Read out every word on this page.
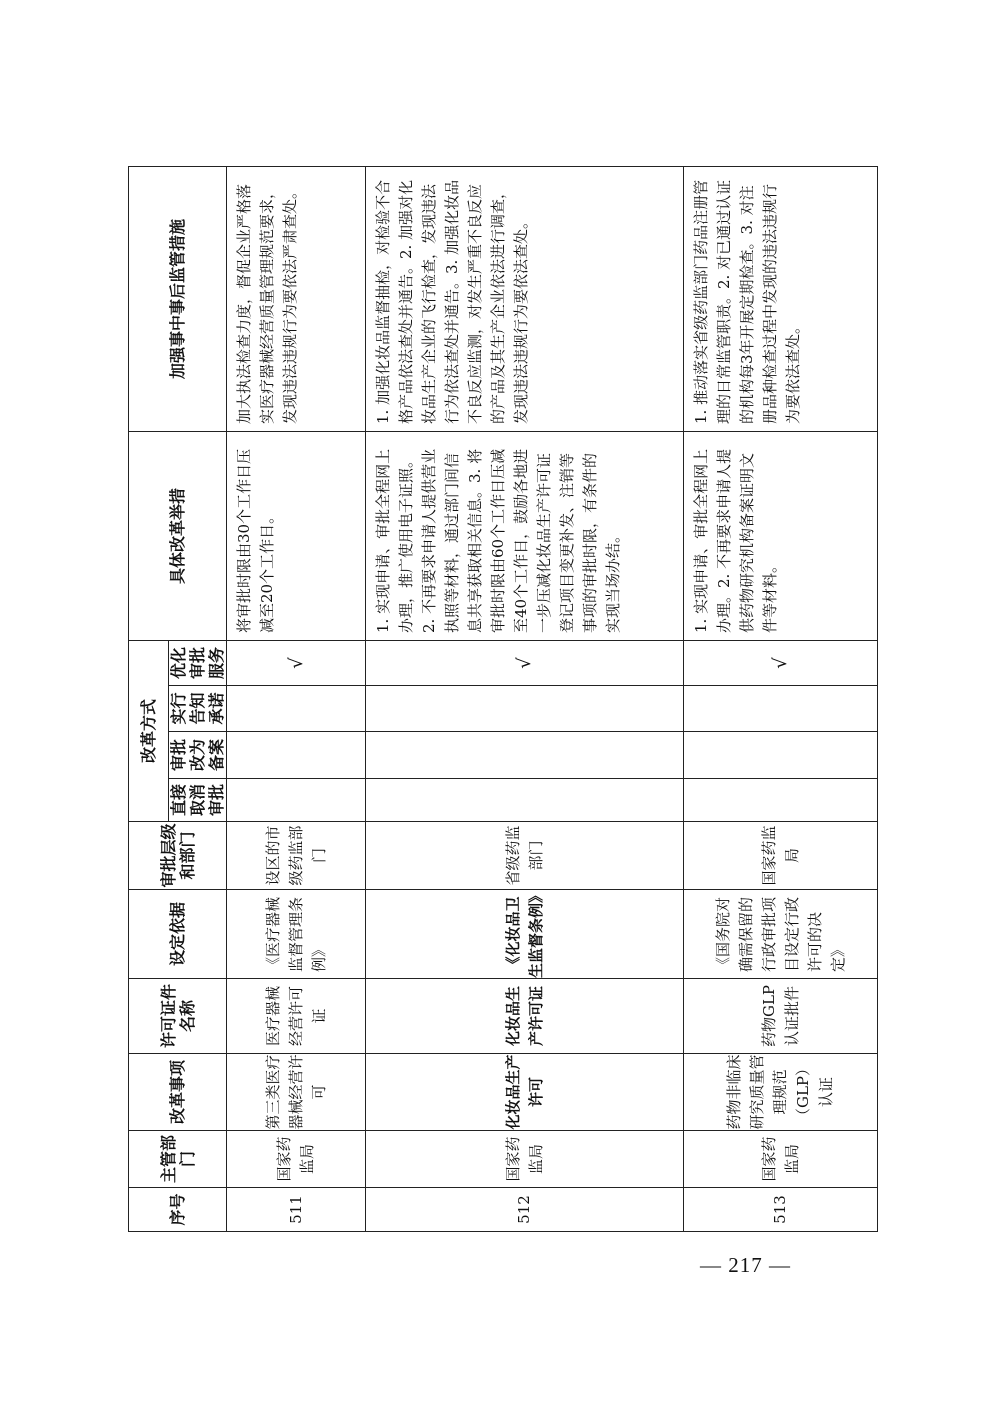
序号	主管部门	改革事项	许可证件名称	设定依据	审批层级和部门	改革方式				具体改革举措	加强事中事后监管措施
						直接取消审批	审批改为备案	实行告知承诺	优化审批服务		
511	国家药监局	第三类医疗器械经营许可	医疗器械经营许可证	《医疗器械监督管理条例》	设区的市级药监部门				√	将审批时限由30个工作日压减至20个工作日。	加大执法检查力度，督促企业严格落实医疗器械经营质量管理规范要求，发现违法违规行为要依法严肃查处。
512	国家药监局	化妆品生产许可	化妆品生产许可证	《化妆品卫生监督条例》	省级药监部门				√	1. 实现申请、审批全程网上办理，推广使用电子证照。2. 不再要求申请人提供营业执照等材料，通过部门间信息共享获取相关信息。3. 将审批时限由60个工作日压减至40个工作日，鼓励各地进一步压减化妆品生产许可证登记项目变更补发、注销等事项的审批时限，有条件的实现当场办结。	1. 加强化妆品监督抽检，对检验不合格产品依法查处并通告。2. 加强对化妆品生产企业的飞行检查，发现违法行为依法查处并通告。3. 加强化妆品不良反应监测，对发生严重不良反应的产品及其生产企业依法进行调查，发现违法违规行为要依法查处。
513	国家药监局	药物非临床研究质量管理规范（GLP）认证	药物GLP认证批件	《国务院对确需保留的行政审批项目设定行政许可的决定》	国家药监局				√	1. 实现申请、审批全程网上办理。2. 不再要求申请人提供药物研究机构备案证明文件等材料。	1. 推动落实省级药监部门药品注册管理的日常监管职责。2. 对已通过认证的机构每3年开展定期检查。3. 对注册品种检查过程中发现的违法违规行为要依法查处。
— 217 —
